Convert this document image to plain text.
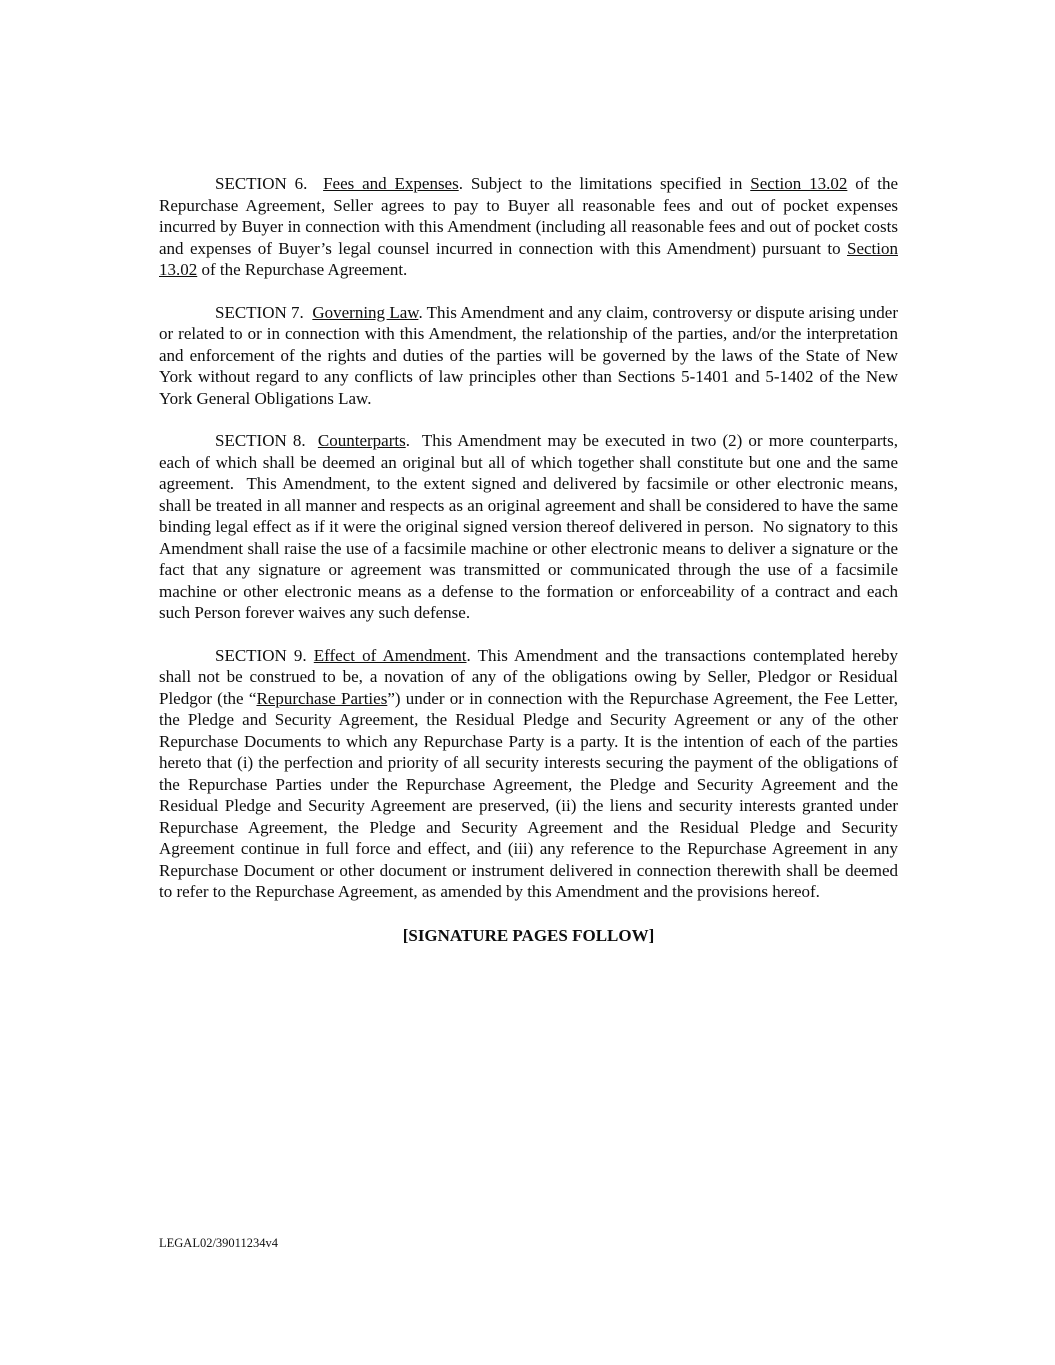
SECTION 6.  Fees and Expenses. Subject to the limitations specified in Section 13.02 of the Repurchase Agreement, Seller agrees to pay to Buyer all reasonable fees and out of pocket expenses incurred by Buyer in connection with this Amendment (including all reasonable fees and out of pocket costs and expenses of Buyer’s legal counsel incurred in connection with this Amendment) pursuant to Section 13.02 of the Repurchase Agreement.

SECTION 7.  Governing Law. This Amendment and any claim, controversy or dispute arising under or related to or in connection with this Amendment, the relationship of the parties, and/or the interpretation and enforcement of the rights and duties of the parties will be governed by the laws of the State of New York without regard to any conflicts of law principles other than Sections 5-1401 and 5-1402 of the New York General Obligations Law.

SECTION 8.  Counterparts.  This Amendment may be executed in two (2) or more counterparts, each of which shall be deemed an original but all of which together shall constitute but one and the same agreement.  This Amendment, to the extent signed and delivered by facsimile or other electronic means, shall be treated in all manner and respects as an original agreement and shall be considered to have the same binding legal effect as if it were the original signed version thereof delivered in person.  No signatory to this Amendment shall raise the use of a facsimile machine or other electronic means to deliver a signature or the fact that any signature or agreement was transmitted or communicated through the use of a facsimile machine or other electronic means as a defense to the formation or enforceability of a contract and each such Person forever waives any such defense.

SECTION 9. Effect of Amendment. This Amendment and the transactions contemplated hereby shall not be construed to be, a novation of any of the obligations owing by Seller, Pledgor or Residual Pledgor (the “Repurchase Parties”) under or in connection with the Repurchase Agreement, the Fee Letter, the Pledge and Security Agreement, the Residual Pledge and Security Agreement or any of the other Repurchase Documents to which any Repurchase Party is a party. It is the intention of each of the parties hereto that (i) the perfection and priority of all security interests securing the payment of the obligations of the Repurchase Parties under the Repurchase Agreement, the Pledge and Security Agreement and the Residual Pledge and Security Agreement are preserved, (ii) the liens and security interests granted under Repurchase Agreement, the Pledge and Security Agreement and the Residual Pledge and Security Agreement continue in full force and effect, and (iii) any reference to the Repurchase Agreement in any Repurchase Document or other document or instrument delivered in connection therewith shall be deemed to refer to the Repurchase Agreement, as amended by this Amendment and the provisions hereof.

[SIGNATURE PAGES FOLLOW]

LEGAL02/39011234v4
